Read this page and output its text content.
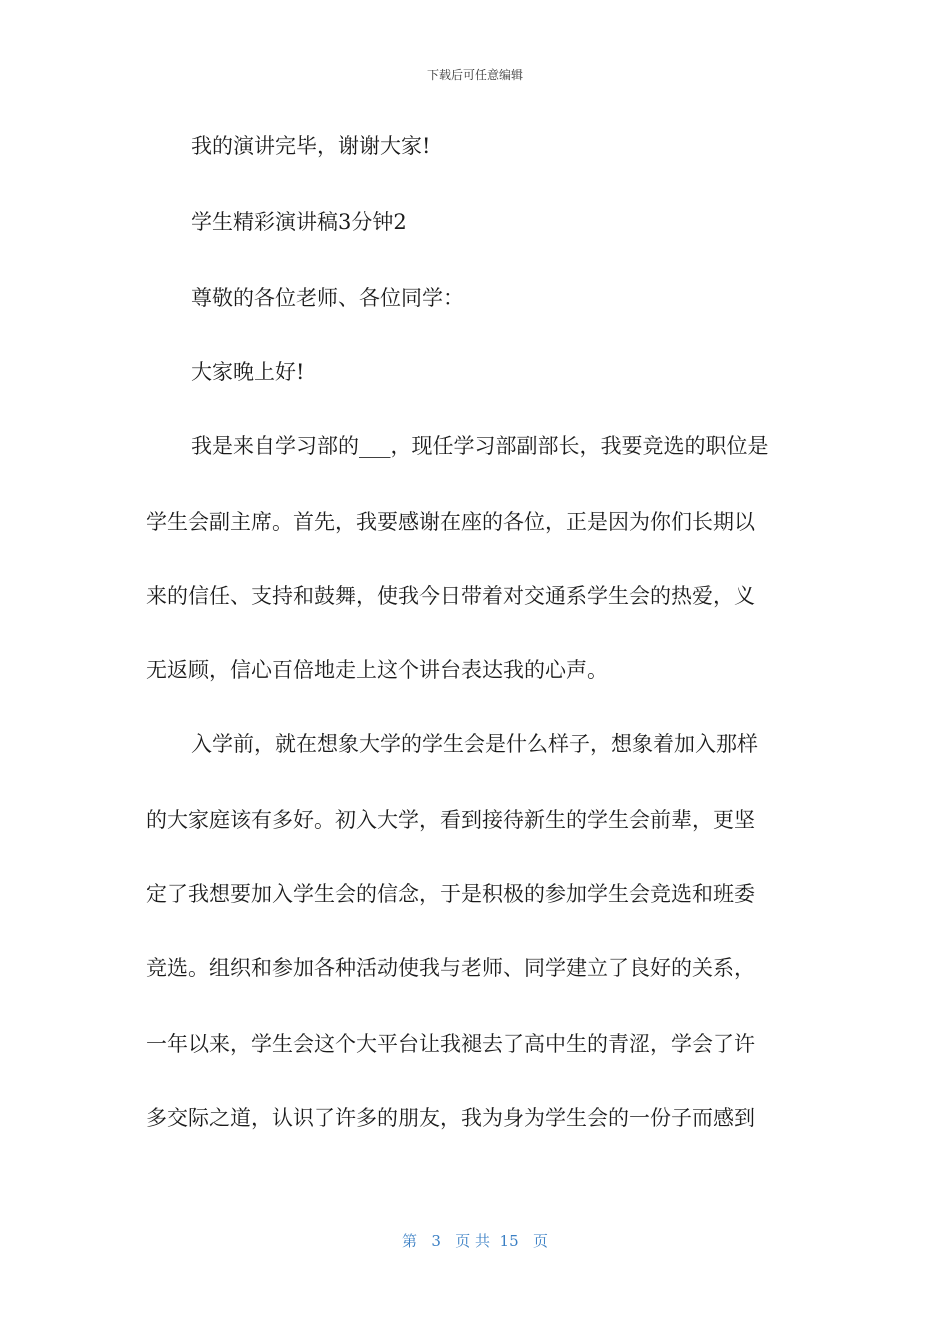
下载后可任意编辑

我的演讲完毕，谢谢大家!

学生精彩演讲稿3分钟2

尊敬的各位老师、各位同学：

大家晚上好!

我是来自学习部的___，现任学习部副部长，我要竞选的职位是

学生会副主席。首先，我要感谢在座的各位，正是因为你们长期以

来的信任、支持和鼓舞，使我今日带着对交通系学生会的热爱，义

无返顾，信心百倍地走上这个讲台表达我的心声。

入学前，就在想象大学的学生会是什么样子，想象着加入那样

的大家庭该有多好。初入大学，看到接待新生的学生会前辈，更坚

定了我想要加入学生会的信念，于是积极的参加学生会竞选和班委

竞选。组织和参加各种活动使我与老师、同学建立了良好的关系，

一年以来，学生会这个大平台让我褪去了高中生的青涩，学会了许

多交际之道，认识了许多的朋友，我为身为学生会的一份子而感到

第 3 页 共 15 页
